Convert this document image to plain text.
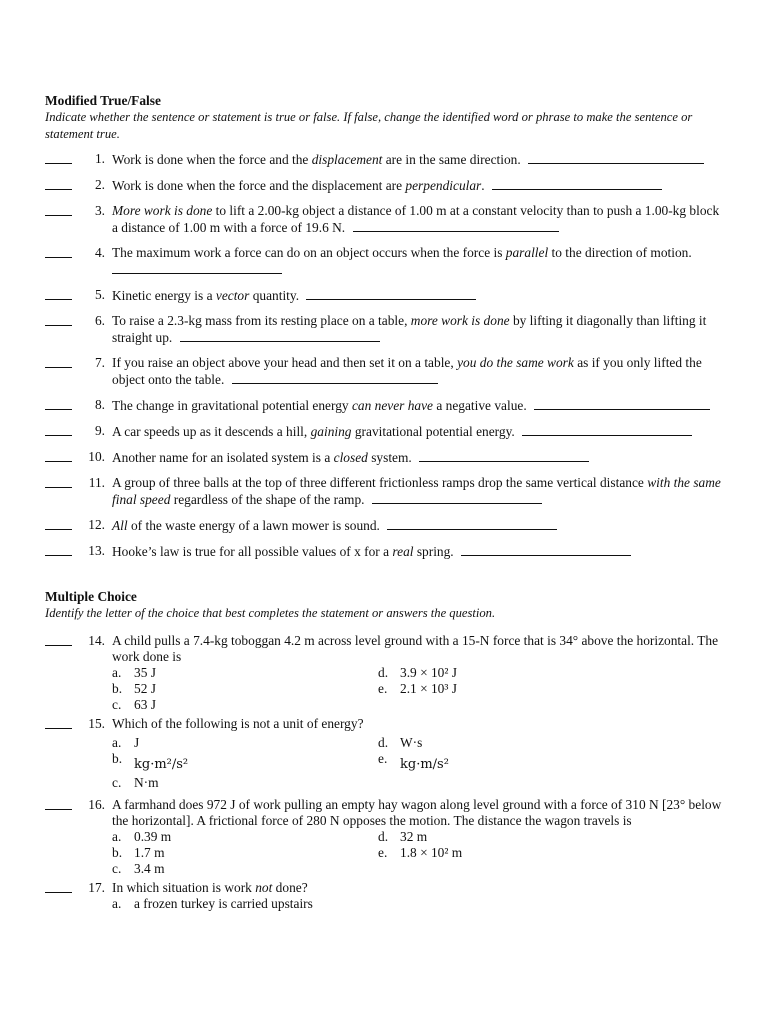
Modified True/False
Indicate whether the sentence or statement is true or false. If false, change the identified word or phrase to make the sentence or statement true.
1. Work is done when the force and the displacement are in the same direction.
2. Work is done when the force and the displacement are perpendicular.
3. More work is done to lift a 2.00-kg object a distance of 1.00 m at a constant velocity than to push a 1.00-kg block a distance of 1.00 m with a force of 19.6 N.
4. The maximum work a force can do on an object occurs when the force is parallel to the direction of motion.
5. Kinetic energy is a vector quantity.
6. To raise a 2.3-kg mass from its resting place on a table, more work is done by lifting it diagonally than lifting it straight up.
7. If you raise an object above your head and then set it on a table, you do the same work as if you only lifted the object onto the table.
8. The change in gravitational potential energy can never have a negative value.
9. A car speeds up as it descends a hill, gaining gravitational potential energy.
10. Another name for an isolated system is a closed system.
11. A group of three balls at the top of three different frictionless ramps drop the same vertical distance with the same final speed regardless of the shape of the ramp.
12. All of the waste energy of a lawn mower is sound.
13. Hooke’s law is true for all possible values of x for a real spring.
Multiple Choice
Identify the letter of the choice that best completes the statement or answers the question.
14. A child pulls a 7.4-kg toboggan 4.2 m across level ground with a 15-N force that is 34° above the horizontal. The work done is
a. 35 J	d. 3.9 × 10² J
b. 52 J	e. 2.1 × 10³ J
c. 63 J
15. Which of the following is not a unit of energy?
a. J	d. W·s
b. kg·m²/s²	e. kg·m/s²
c. N·m
16. A farmhand does 972 J of work pulling an empty hay wagon along level ground with a force of 310 N [23° below the horizontal]. A frictional force of 280 N opposes the motion. The distance the wagon travels is
a. 0.39 m	d. 32 m
b. 1.7 m	e. 1.8 × 10² m
c. 3.4 m
17. In which situation is work not done?
a. a frozen turkey is carried upstairs
